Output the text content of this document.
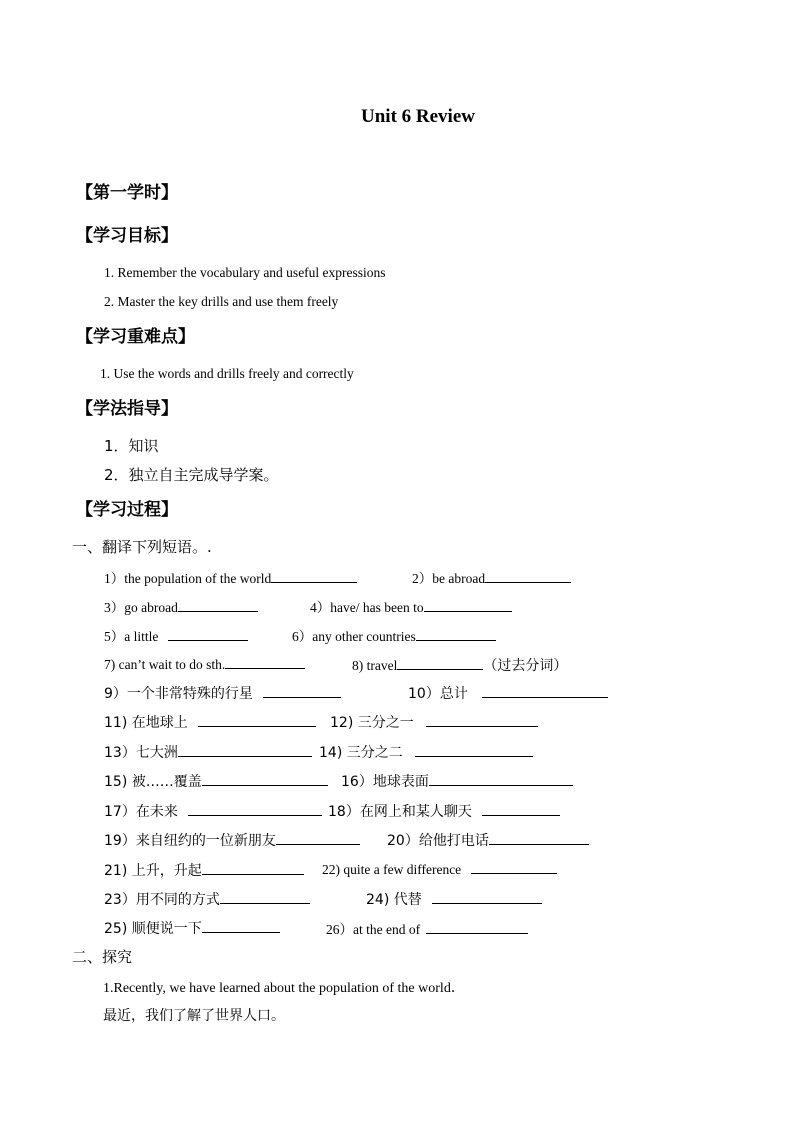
Unit 6 Review
【第一学时】
【学习目标】
1. Remember the vocabulary and useful expressions
2. Master the key drills and use them freely
【学习重难点】
1. Use the words and drills freely and correctly
【学法指导】
1．知识
2．独立自主完成导学案。
【学习过程】
一、翻译下列短语。.
1）the population of the world	2）be abroad
3）go abroad	4）have/ has been to
5）a little	6）any other countries
7) can’t wait to do sth.	8) travel	（过去分词）
9）一个非常特殊的行星	10）总计
11) 在地球上	12) 三分之一
13）七大洲	14) 三分之二
15) 被……覆盖	16）地球表面
17）在未来	18）在网上和某人聊天
19）来自纽约的一位新朋友	20）给他打电话
21) 上升，升起	22) quite a few difference
23）用不同的方式	24) 代替
25) 顺便说一下	26）at the end of
二、探究
1.Recently, we have learned about the population of the world．
最近，我们了解了世界人口。
